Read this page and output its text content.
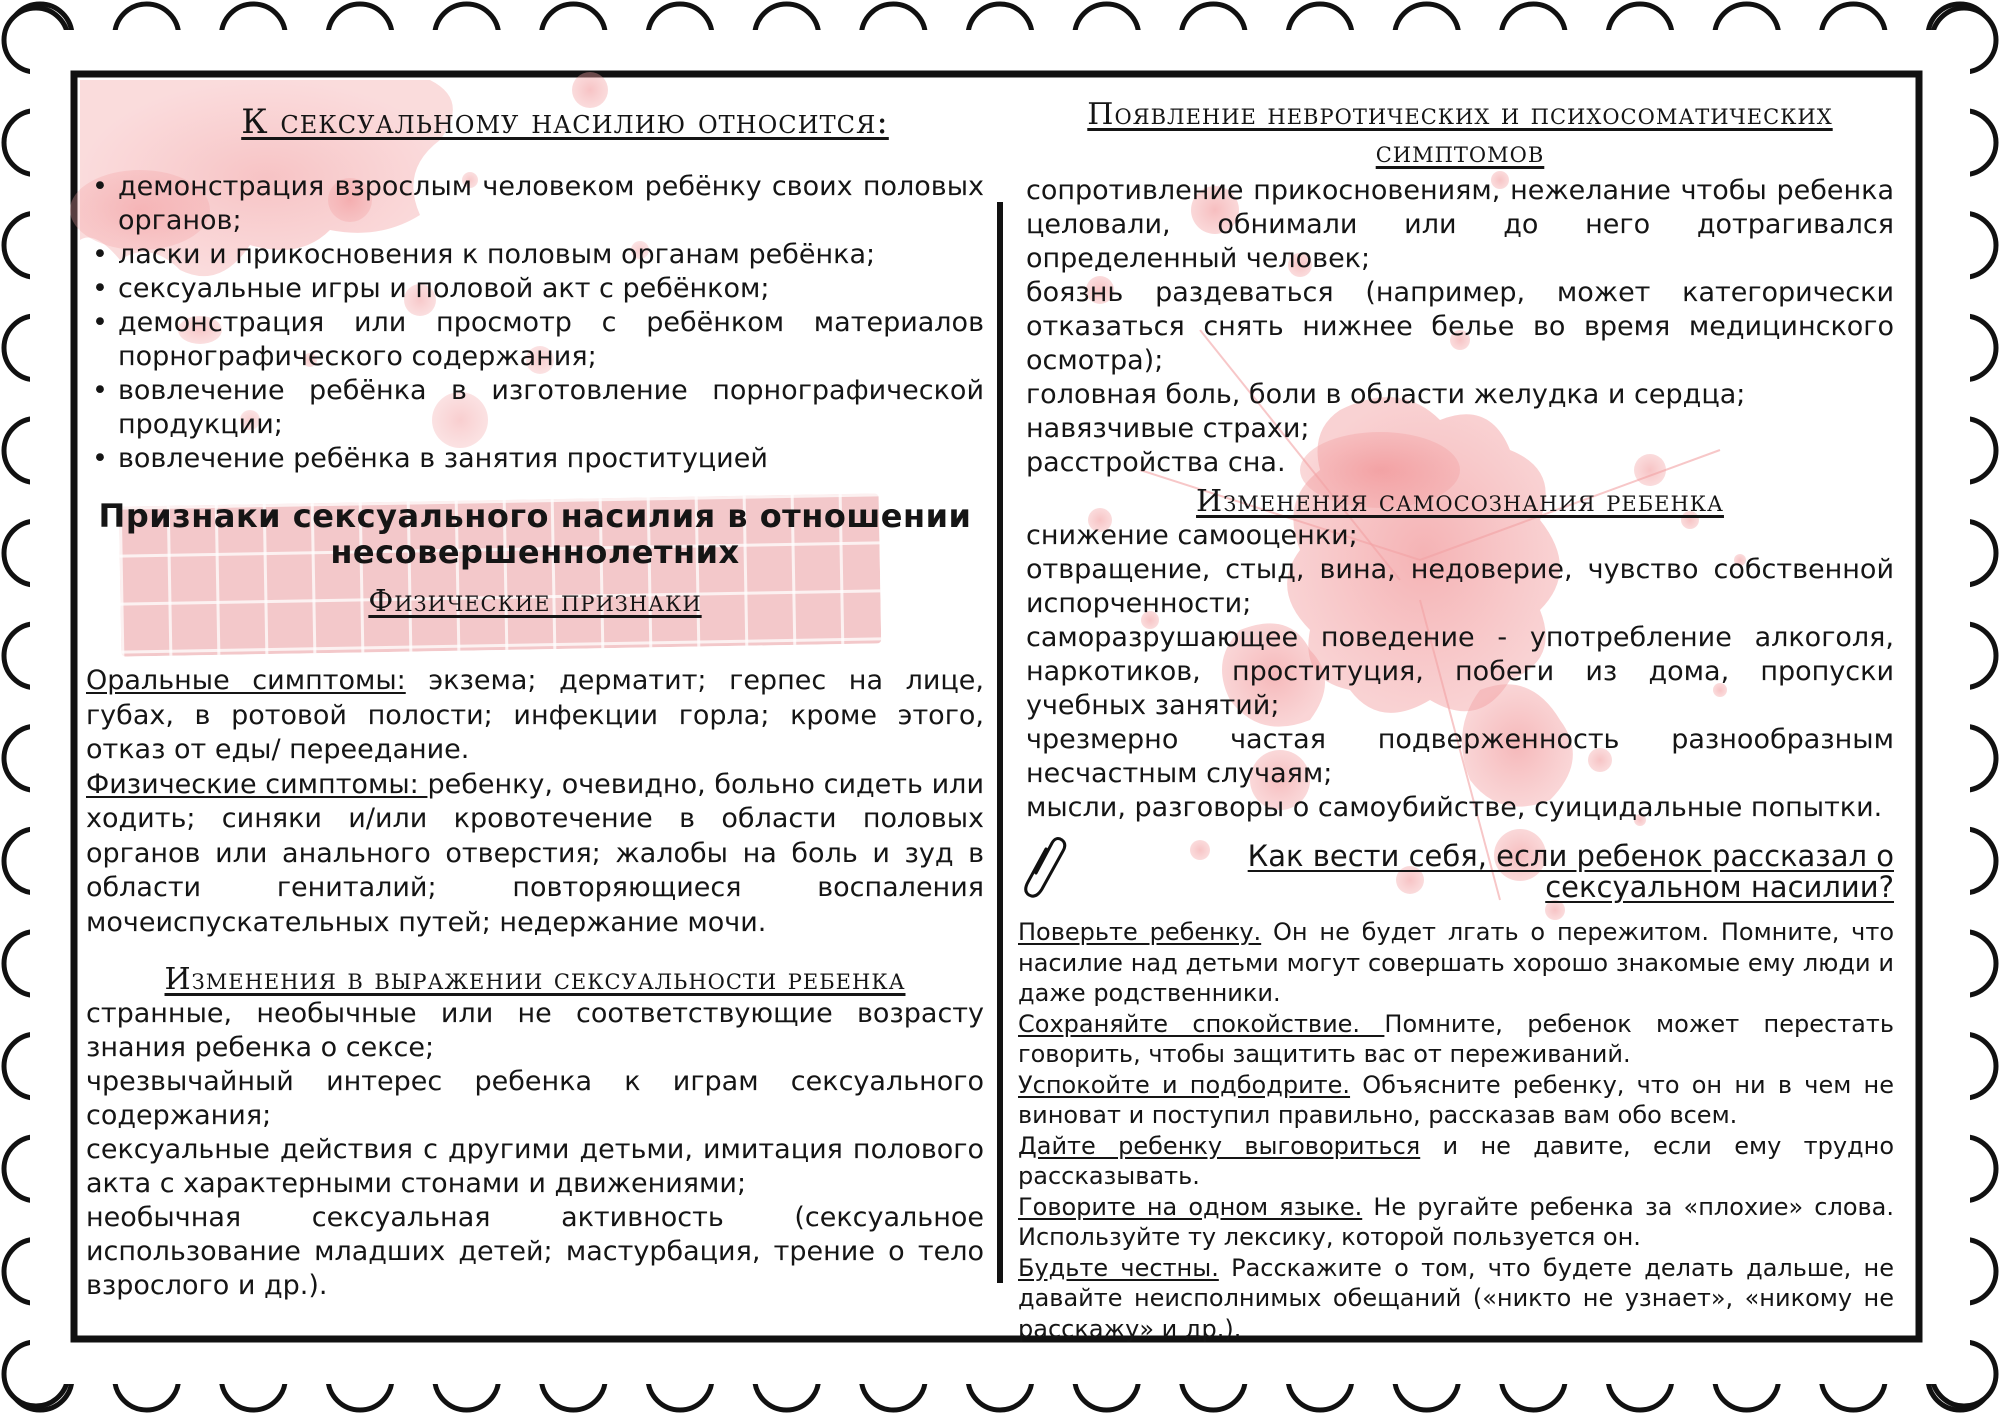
К сексуальному насилию относится:
• демонстрация взрослым человеком ребёнку своих половых органов;
• ласки и прикосновения к половым органам ребёнка;
• сексуальные игры и половой акт с ребёнком;
• демонстрация или просмотр с ребёнком материалов порнографического содержания;
• вовлечение ребёнка в изготовление порнографической продукции;
• вовлечение ребёнка в занятия проституцией
Признаки сексуального насилия в отношении несовершеннолетних
Физические признаки

Оральные симптомы: экзема; дерматит; герпес на лице, губах, в ротовой полости; инфекции горла; кроме этого, отказ от еды/ переедание.

Физические симптомы: ребенку, очевидно, больно сидеть или ходить; синяки и/или кровотечение в области половых органов или анального отверстия; жалобы на боль и зуд в области гениталий; повторяющиеся воспаления мочеиспускательных путей; недержание мочи.

Изменения в выражении сексуальности ребенка

странные, необычные или не соответствующие возрасту знания ребенка о сексе;

чрезвычайный интерес ребенка к играм сексуального содержания;

сексуальные действия с другими детьми, имитация полового акта с характерными стонами и движениями;

необычная сексуальная активность (сексуальное использование младших детей; мастурбация, трение о тело взрослого и др.).

Появление невротических и психосоматических симптомов

сопротивление прикосновениям, нежелание чтобы ребенка целовали, обнимали или до него дотрагивался определенный человек;

боязнь раздеваться (например, может категорически отказаться снять нижнее белье во время медицинского осмотра);

головная боль, боли в области желудка и сердца;

навязчивые страхи;

расстройства сна.

Изменения самосознания ребенка

снижение самооценки;

отвращение, стыд, вина, недоверие, чувство собственной испорченности;

саморазрушающее поведение - употребление алкоголя, наркотиков, проституция, побеги из дома, пропуски учебных занятий;

чрезмерно частая подверженность разнообразным несчастным случаям;

мысли, разговоры о самоубийстве, суицидальные попытки.

Как вести себя, если ребенок рассказал о сексуальном насилии?

Поверьте ребенку. Он не будет лгать о пережитом. Помните, что насилие над детьми могут совершать хорошо знакомые ему люди и даже родственники.

Сохраняйте спокойствие. Помните, ребенок может перестать говорить, чтобы защитить вас от переживаний.

Успокойте и подбодрите. Объясните ребенку, что он ни в чем не виноват и поступил правильно, рассказав вам обо всем.

Дайте ребенку выговориться и не давите, если ему трудно рассказывать.

Говорите на одном языке. Не ругайте ребенка за «плохие» слова. Используйте ту лексику, которой пользуется он.

Будьте честны. Расскажите о том, что будете делать дальше, не давайте неисполнимых обещаний («никто не узнает», «никому не расскажу» и др.).
